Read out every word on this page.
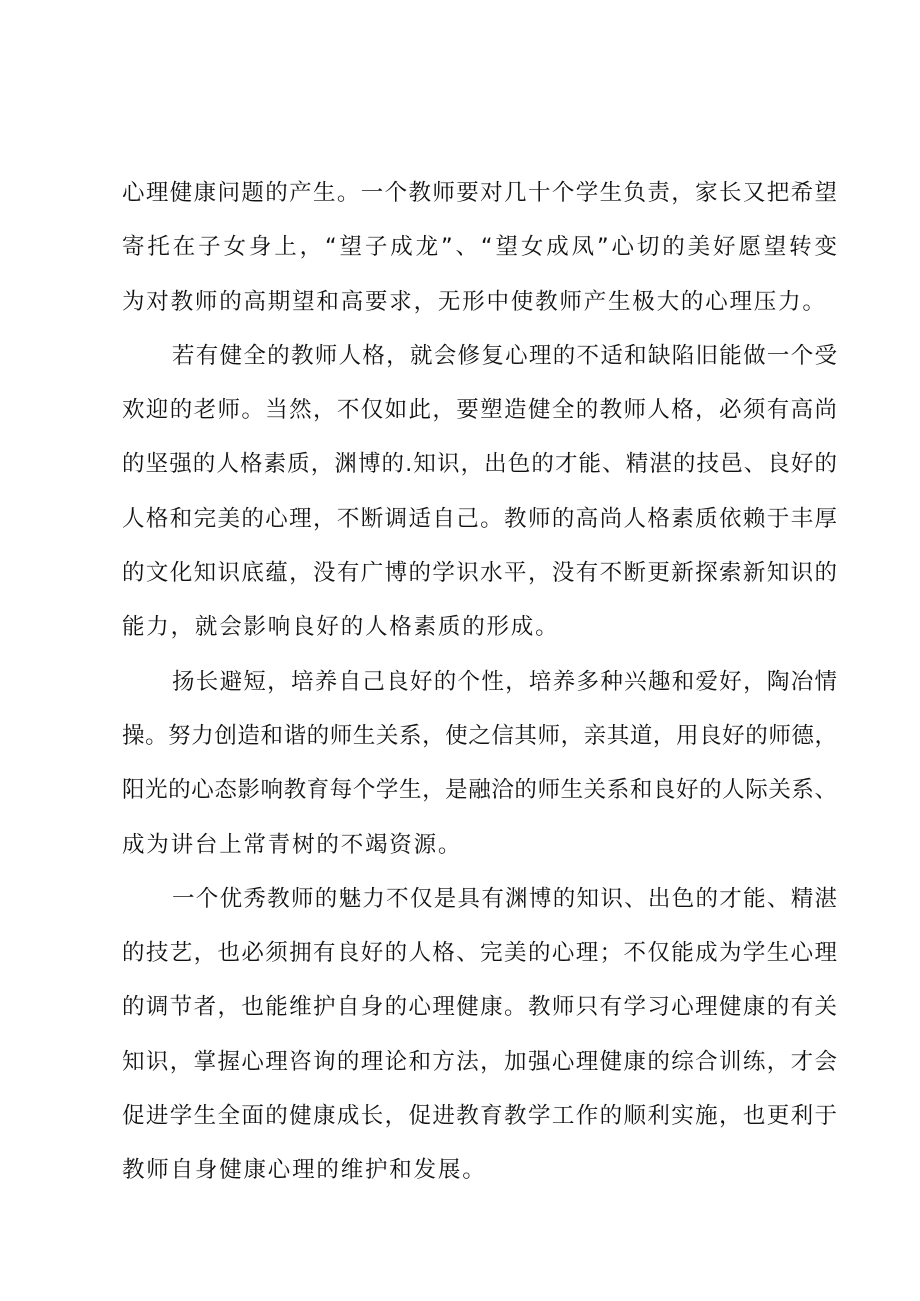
心理健康问题的产生。一个教师要对几十个学生负责，家长又把希望
寄托在子女身上，“望子成龙”、“望女成凤”心切的美好愿望转变
为对教师的高期望和高要求，无形中使教师产生极大的心理压力。
若有健全的教师人格，就会修复心理的不适和缺陷旧能做一个受
欢迎的老师。当然，不仅如此，要塑造健全的教师人格，必须有高尚
的坚强的人格素质，渊博的.知识，出色的才能、精湛的技邑、良好的
人格和完美的心理，不断调适自己。教师的高尚人格素质依赖于丰厚
的文化知识底蕴，没有广博的学识水平，没有不断更新探索新知识的
能力，就会影响良好的人格素质的形成。
扬长避短，培养自己良好的个性，培养多种兴趣和爱好，陶冶情
操。努力创造和谐的师生关系，使之信其师，亲其道，用良好的师德，
阳光的心态影响教育每个学生，是融洽的师生关系和良好的人际关系、
成为讲台上常青树的不竭资源。
一个优秀教师的魅力不仅是具有渊博的知识、出色的才能、精湛
的技艺，也必须拥有良好的人格、完美的心理；不仅能成为学生心理
的调节者，也能维护自身的心理健康。教师只有学习心理健康的有关
知识，掌握心理咨询的理论和方法，加强心理健康的综合训练，才会
促进学生全面的健康成长，促进教育教学工作的顺利实施，也更利于
教师自身健康心理的维护和发展。
